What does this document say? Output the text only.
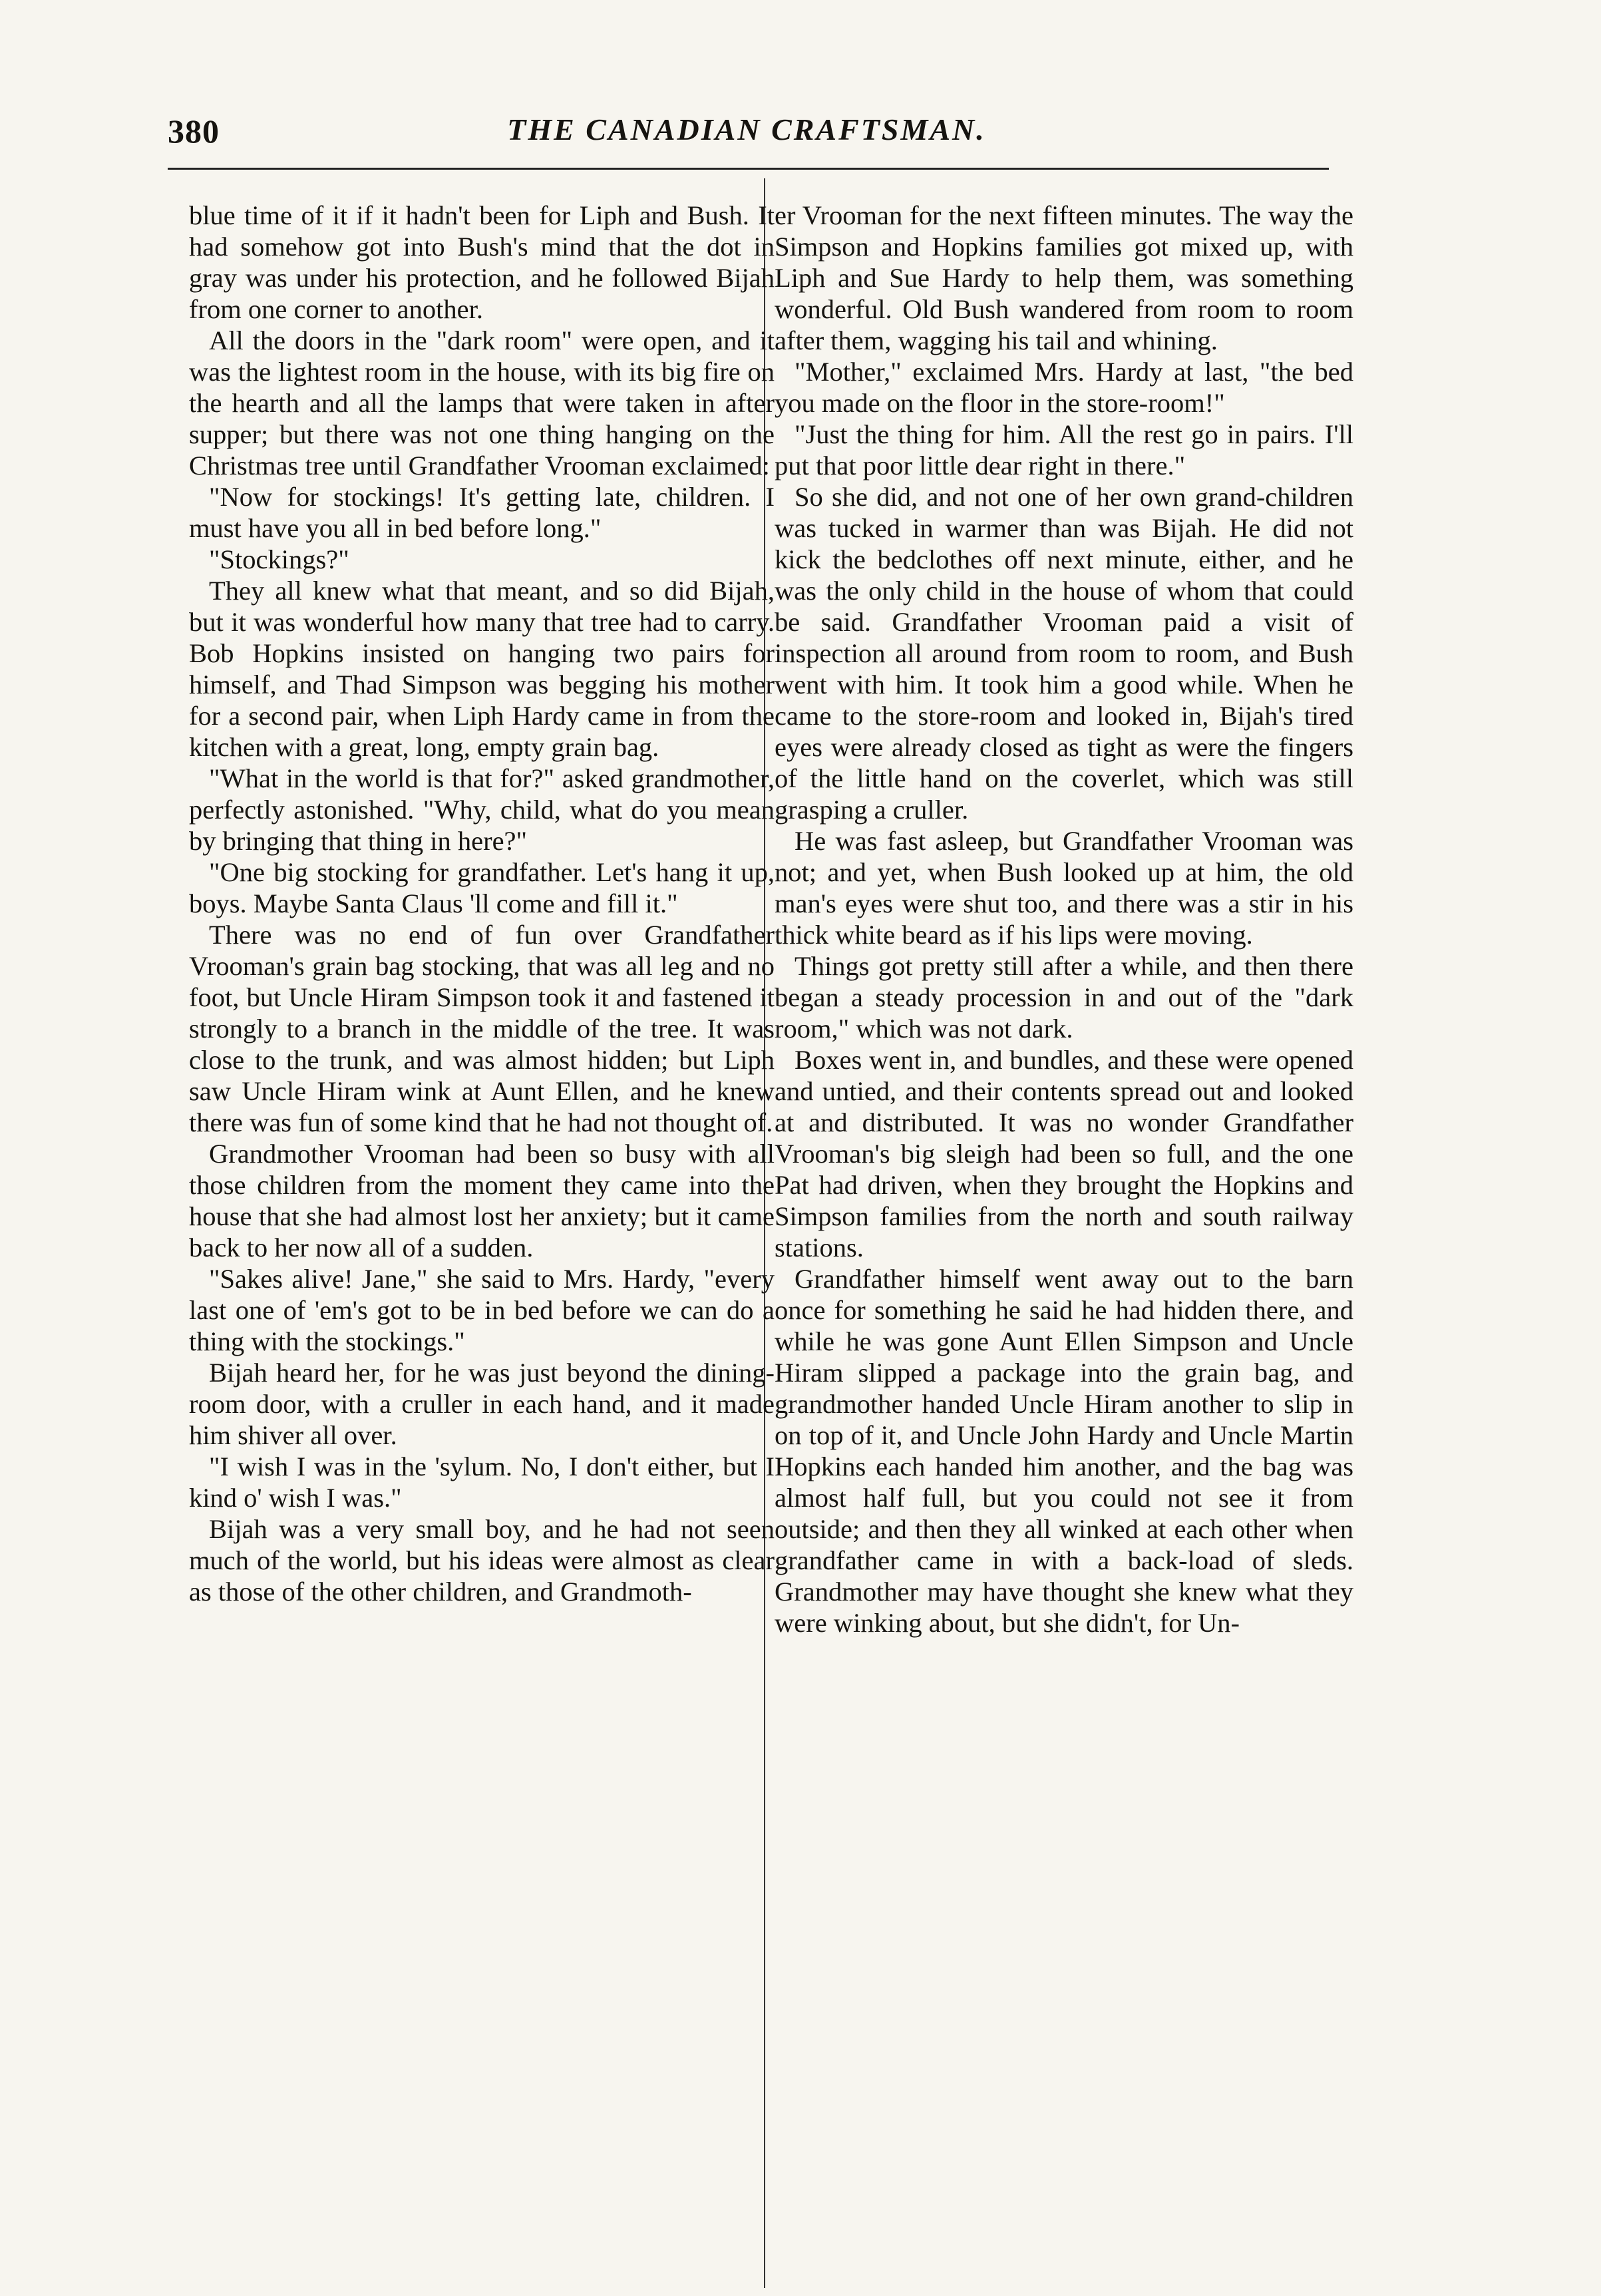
380	THE CANADIAN CRAFTSMAN.

blue time of it if it hadn't been for Liph and Bush. It had somehow got into Bush's mind that the dot in gray was under his protection, and he followed Bijah from one corner to another.

All the doors in the "dark room" were open, and it was the lightest room in the house, with its big fire on the hearth and all the lamps that were taken in after supper; but there was not one thing hanging on the Christmas tree until Grandfather Vrooman exclaimed:

"Now for stockings! It's getting late, children. I must have you all in bed before long."

"Stockings?"

They all knew what that meant, and so did Bijah, but it was wonderful how many that tree had to carry. Bob Hopkins insisted on hanging two pairs for himself, and Thad Simpson was begging his mother for a second pair, when Liph Hardy came in from the kitchen with a great, long, empty grain bag.

"What in the world is that for?" asked grandmother, perfectly astonished. "Why, child, what do you mean by bringing that thing in here?"

"One big stocking for grandfather. Let's hang it up, boys. Maybe Santa Claus 'll come and fill it."

There was no end of fun over Grandfather Vrooman's grain bag stocking, that was all leg and no foot, but Uncle Hiram Simpson took it and fastened it strongly to a branch in the middle of the tree. It was close to the trunk, and was almost hidden; but Liph saw Uncle Hiram wink at Aunt Ellen, and he knew there was fun of some kind that he had not thought of.

Grandmother Vrooman had been so busy with all those children from the moment they came into the house that she had almost lost her anxiety; but it came back to her now all of a sudden.

"Sakes alive! Jane," she said to Mrs. Hardy, "every last one of 'em's got to be in bed before we can do a thing with the stockings."

Bijah heard her, for he was just beyond the dining-room door, with a cruller in each hand, and it made him shiver all over.

"I wish I was in the 'sylum. No, I don't either, but I kind o' wish I was."

Bijah was a very small boy, and he had not seen much of the world, but his ideas were almost as clear as those of the other children, and Grandmoth-

er Vrooman for the next fifteen minutes. The way the Simpson and Hopkins families got mixed up, with Liph and Sue Hardy to help them, was something wonderful. Old Bush wandered from room to room after them, wagging his tail and whining.

"Mother," exclaimed Mrs. Hardy at last, "the bed you made on the floor in the store-room!"

"Just the thing for him. All the rest go in pairs. I'll put that poor little dear right in there."

So she did, and not one of her own grand-children was tucked in warmer than was Bijah. He did not kick the bedclothes off next minute, either, and he was the only child in the house of whom that could be said. Grandfather Vrooman paid a visit of inspection all around from room to room, and Bush went with him. It took him a good while. When he came to the store-room and looked in, Bijah's tired eyes were already closed as tight as were the fingers of the little hand on the coverlet, which was still grasping a cruller.

He was fast asleep, but Grandfather Vrooman was not; and yet, when Bush looked up at him, the old man's eyes were shut too, and there was a stir in his thick white beard as if his lips were moving.

Things got pretty still after a while, and then there began a steady procession in and out of the "dark room," which was not dark.

Boxes went in, and bundles, and these were opened and untied, and their contents spread out and looked at and distributed. It was no wonder Grandfather Vrooman's big sleigh had been so full, and the one Pat had driven, when they brought the Hopkins and Simpson families from the north and south railway stations.

Grandfather himself went away out to the barn once for something he said he had hidden there, and while he was gone Aunt Ellen Simpson and Uncle Hiram slipped a package into the grain bag, and grandmother handed Uncle Hiram another to slip in on top of it, and Uncle John Hardy and Uncle Martin Hopkins each handed him another, and the bag was almost half full, but you could not see it from outside; and then they all winked at each other when grandfather came in with a back-load of sleds. Grandmother may have thought she knew what they were winking about, but she didn't, for Un-
